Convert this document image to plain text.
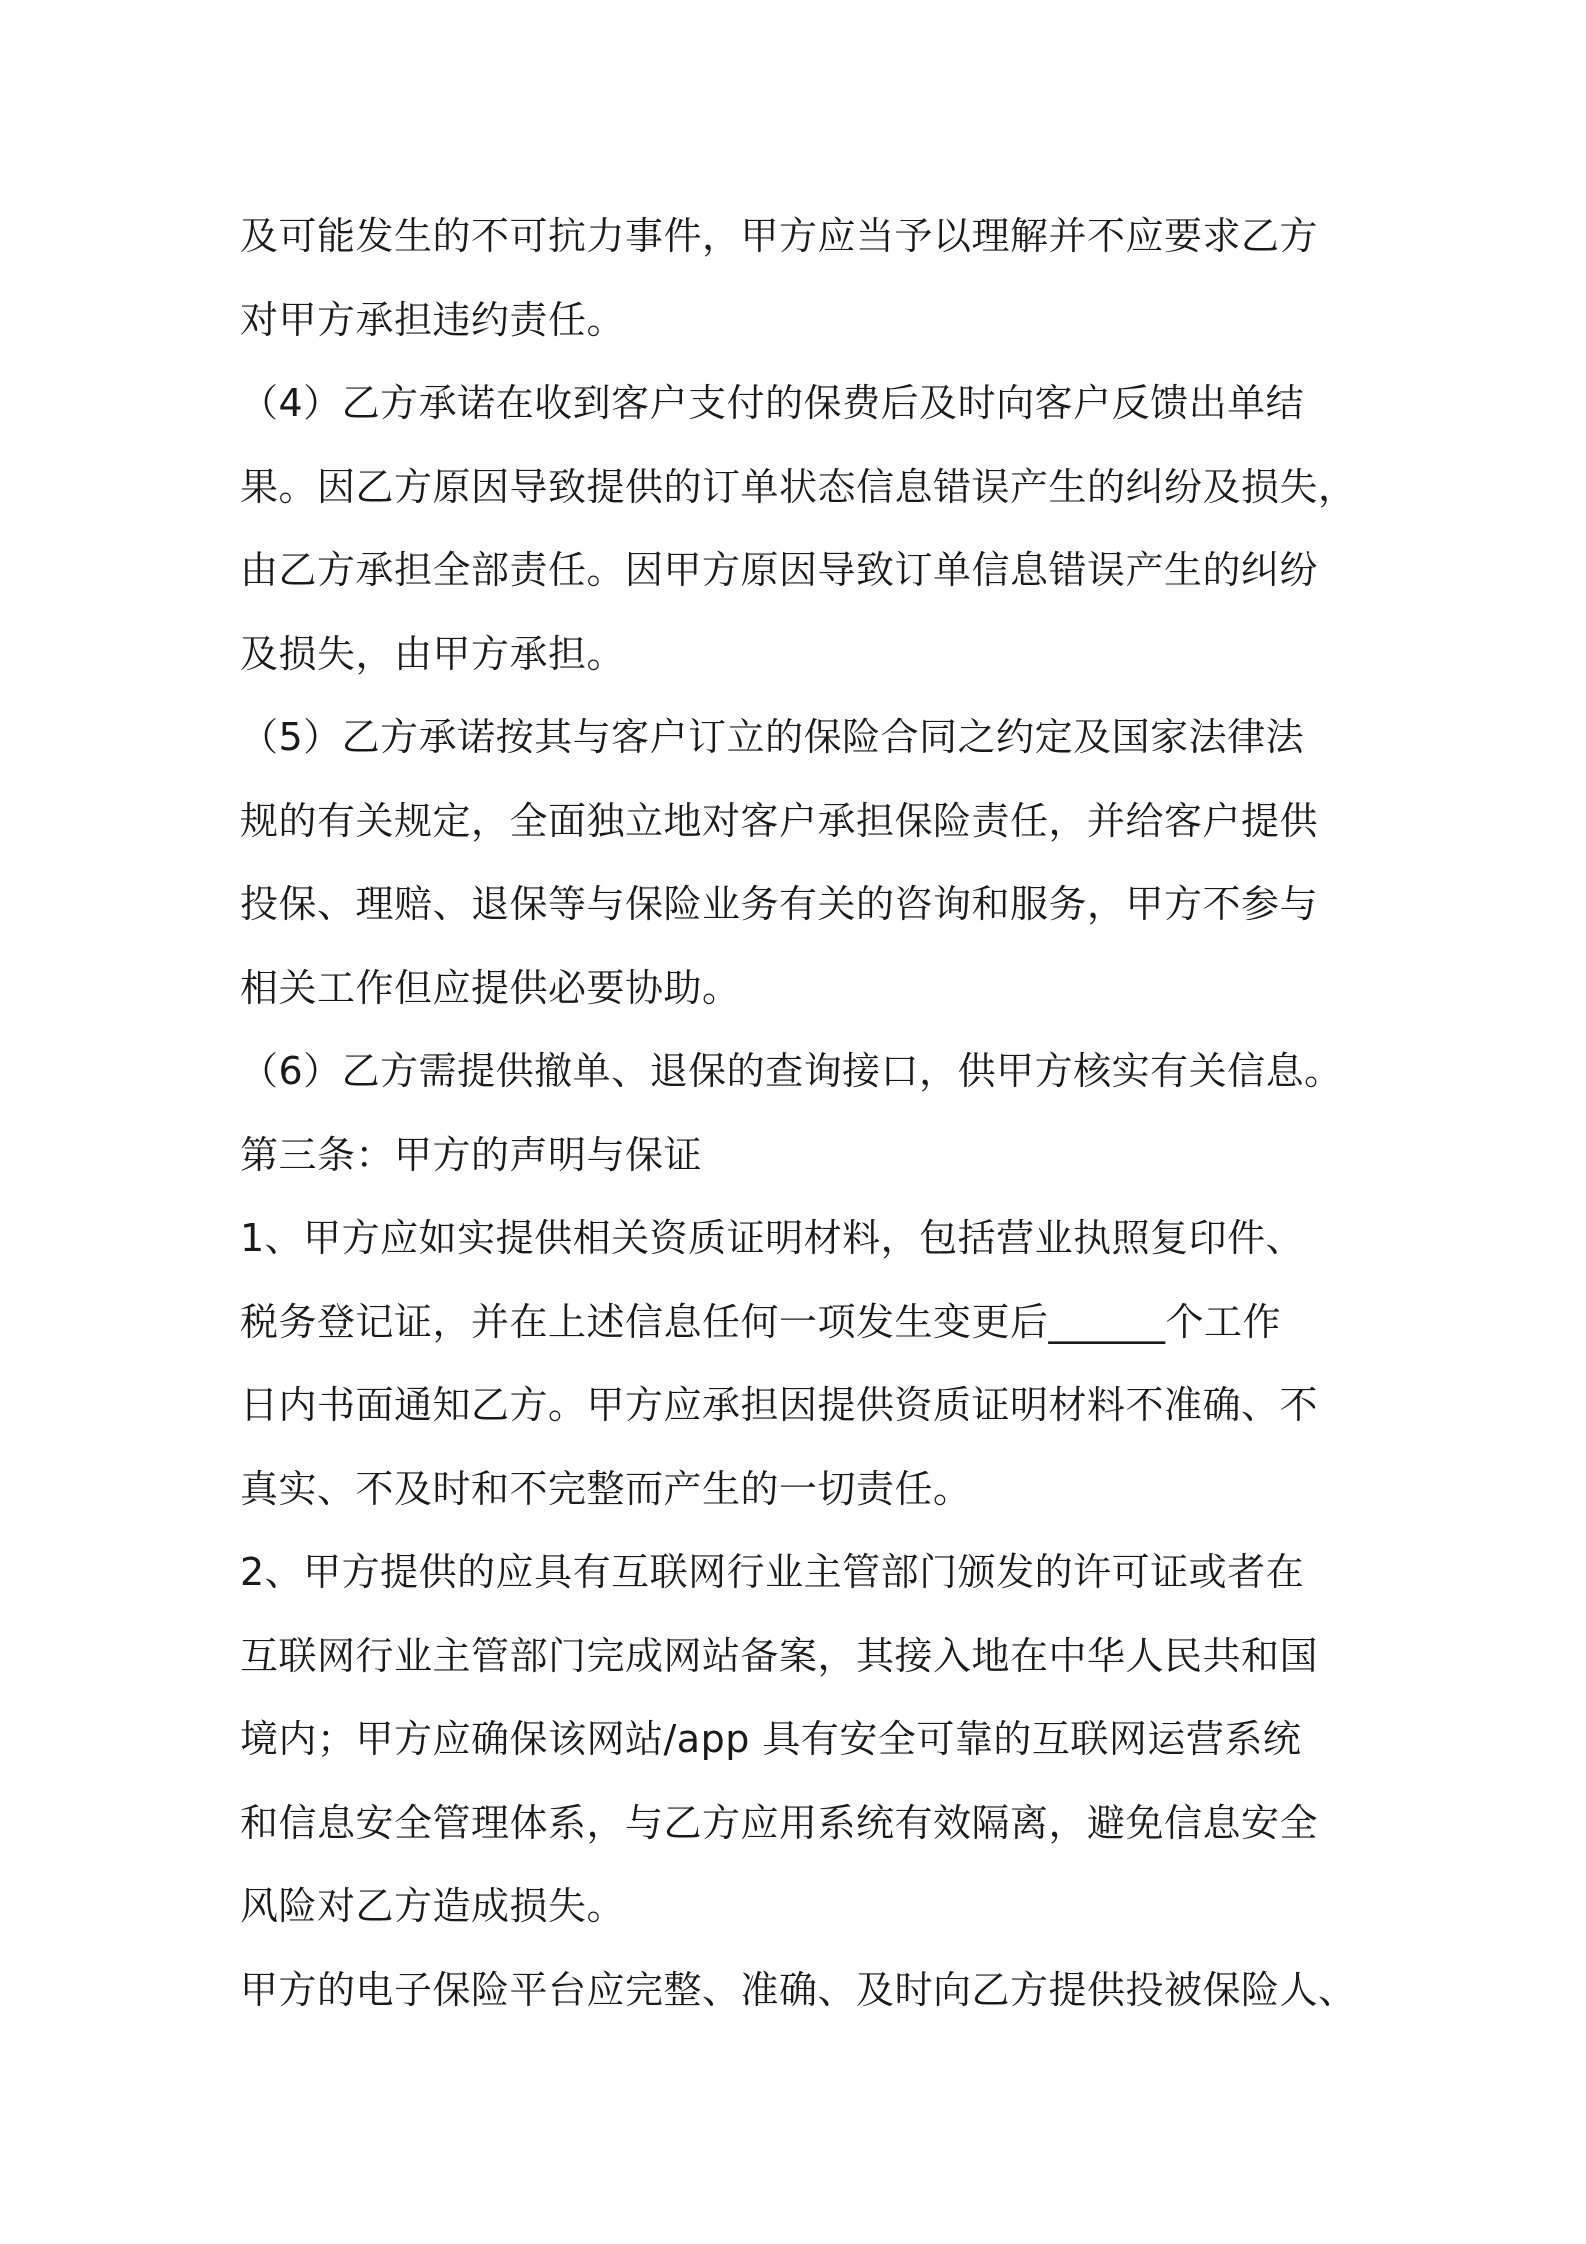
及可能发生的不可抗力事件，甲方应当予以理解并不应要求乙方
对甲方承担违约责任。
（4）乙方承诺在收到客户支付的保费后及时向客户反馈出单结
果。因乙方原因导致提供的订单状态信息错误产生的纠纷及损失，
由乙方承担全部责任。因甲方原因导致订单信息错误产生的纠纷
及损失，由甲方承担。
（5）乙方承诺按其与客户订立的保险合同之约定及国家法律法
规的有关规定，全面独立地对客户承担保险责任，并给客户提供
投保、理赔、退保等与保险业务有关的咨询和服务，甲方不参与
相关工作但应提供必要协助。
（6）乙方需提供撤单、退保的查询接口，供甲方核实有关信息。
第三条：甲方的声明与保证
1、甲方应如实提供相关资质证明材料，包括营业执照复印件、
税务登记证，并在上述信息任何一项发生变更后______个工作
日内书面通知乙方。甲方应承担因提供资质证明材料不准确、不
真实、不及时和不完整而产生的一切责任。
2、甲方提供的应具有互联网行业主管部门颁发的许可证或者在
互联网行业主管部门完成网站备案，其接入地在中华人民共和国
境内；甲方应确保该网站/app 具有安全可靠的互联网运营系统
和信息安全管理体系，与乙方应用系统有效隔离，避免信息安全
风险对乙方造成损失。
甲方的电子保险平台应完整、准确、及时向乙方提供投被保险人、
